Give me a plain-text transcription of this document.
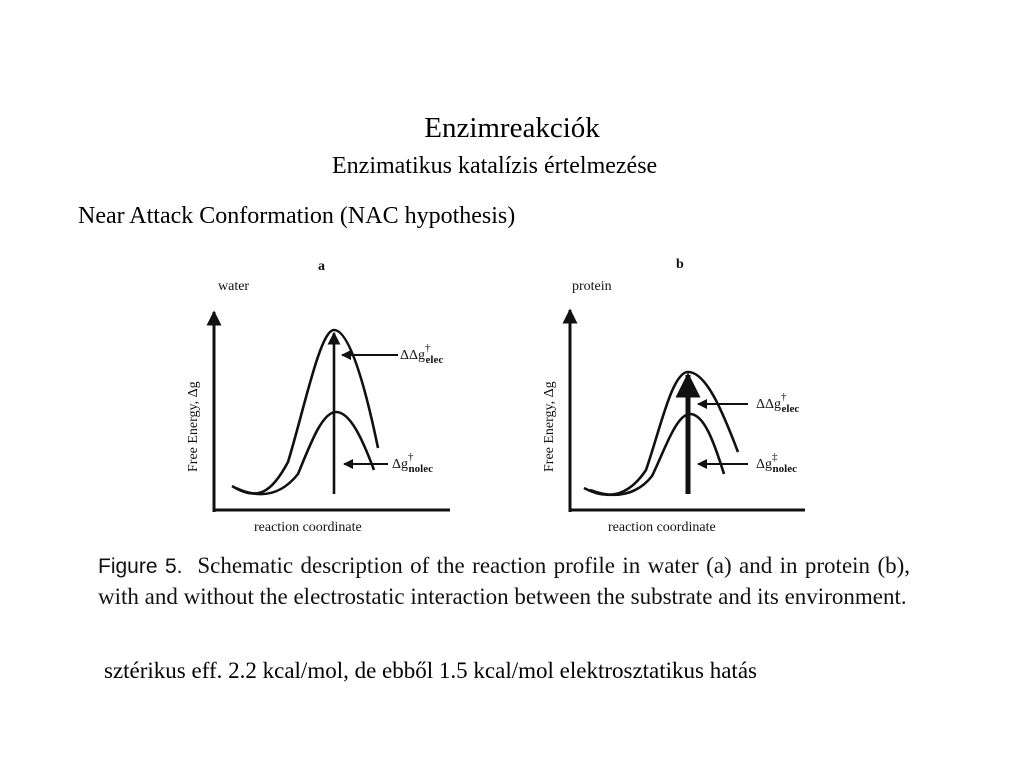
Enzimreakciók
Enzimatikus katalízis értelmezése
Near Attack Conformation (NAC hypothesis)
a
water
Free Energy, Δg
reaction coordinate
ΔΔg† elec
Δg† nolec
b
protein
Free Energy, Δg
reaction coordinate
ΔΔg† elec
Δg‡ nolec
Figure 5. Schematic description of the reaction profile in water (a) and in protein (b), with and without the electrostatic interaction between the substrate and its environment.
sztérikus eff. 2.2 kcal/mol, de ebből 1.5 kcal/mol elektrosztatikus hatás
